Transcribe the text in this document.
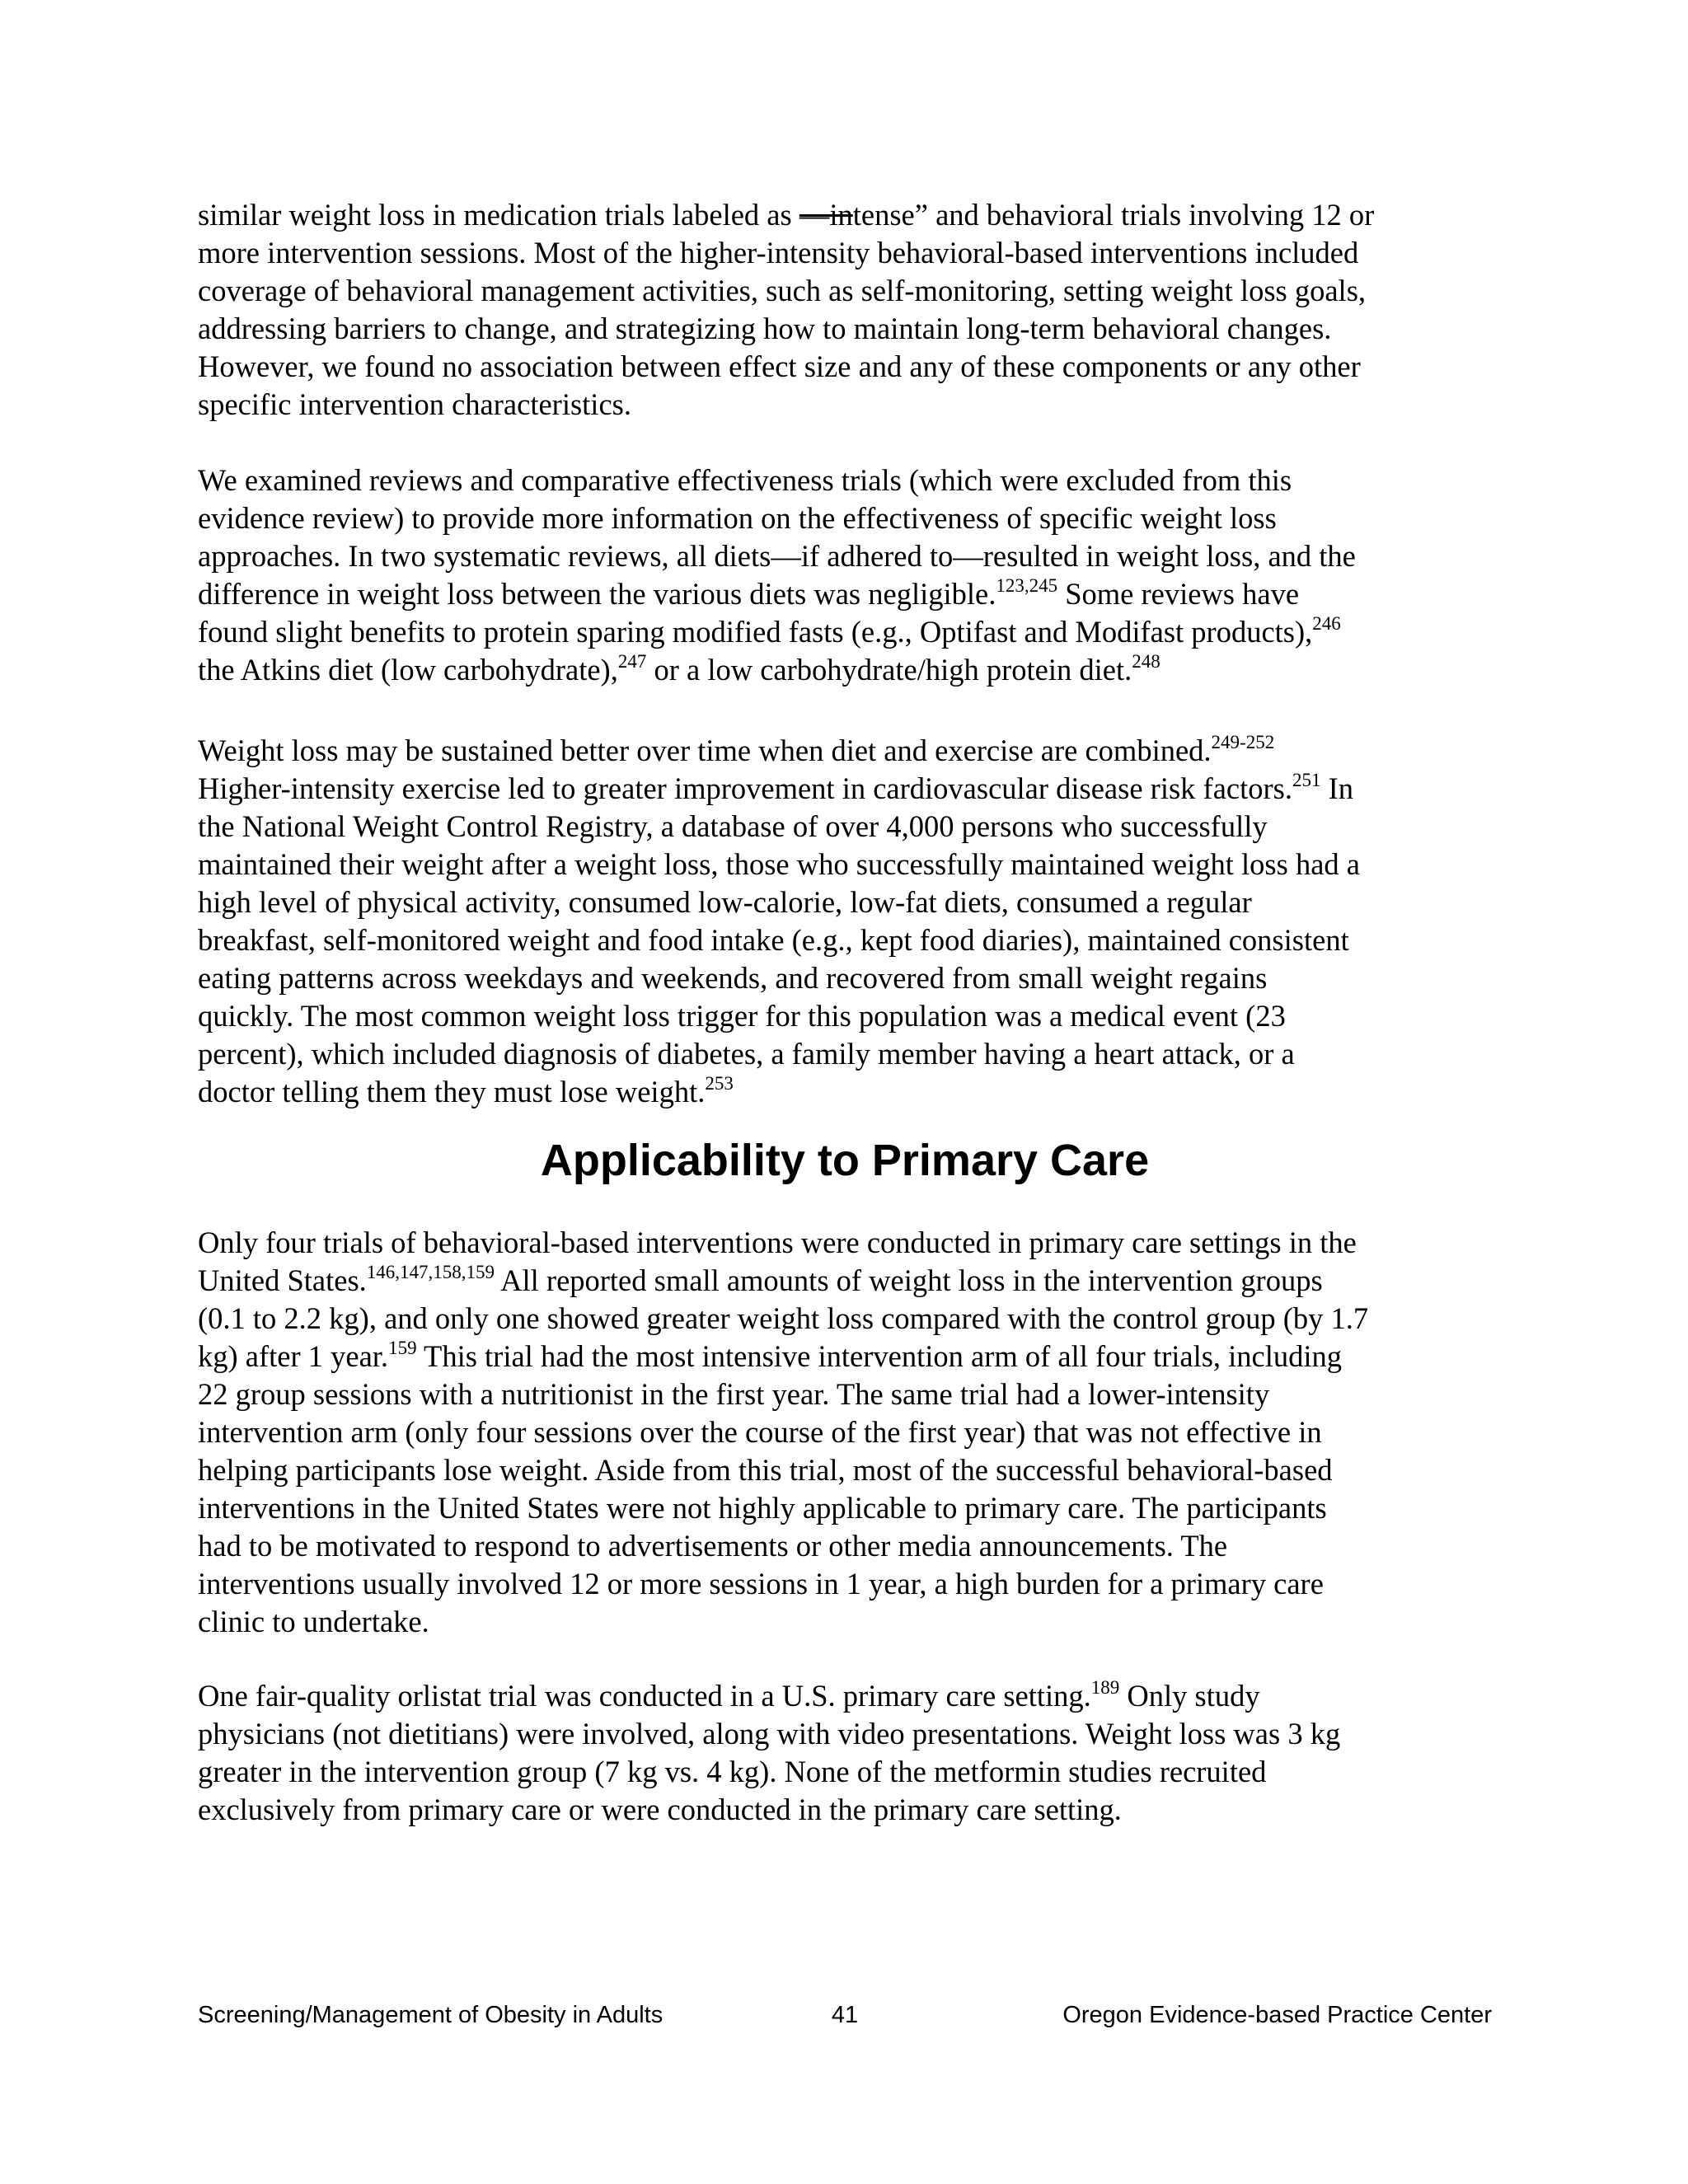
similar weight loss in medication trials labeled as ―intense” and behavioral trials involving 12 or
more intervention sessions. Most of the higher-intensity behavioral-based interventions included
coverage of behavioral management activities, such as self-monitoring, setting weight loss goals,
addressing barriers to change, and strategizing how to maintain long-term behavioral changes.
However, we found no association between effect size and any of these components or any other
specific intervention characteristics.
We examined reviews and comparative effectiveness trials (which were excluded from this
evidence review) to provide more information on the effectiveness of specific weight loss
approaches. In two systematic reviews, all diets—if adhered to—resulted in weight loss, and the
difference in weight loss between the various diets was negligible.$^{123,245}$ Some reviews have
found slight benefits to protein sparing modified fasts (e.g., Optifast and Modifast products),$^{246}$
the Atkins diet (low carbohydrate),$^{247}$ or a low carbohydrate/high protein diet.$^{248}$
Weight loss may be sustained better over time when diet and exercise are combined.$^{249-252}$
Higher-intensity exercise led to greater improvement in cardiovascular disease risk factors.$^{251}$ In
the National Weight Control Registry, a database of over 4,000 persons who successfully
maintained their weight after a weight loss, those who successfully maintained weight loss had a
high level of physical activity, consumed low-calorie, low-fat diets, consumed a regular
breakfast, self-monitored weight and food intake (e.g., kept food diaries), maintained consistent
eating patterns across weekdays and weekends, and recovered from small weight regains
quickly. The most common weight loss trigger for this population was a medical event (23
percent), which included diagnosis of diabetes, a family member having a heart attack, or a
doctor telling them they must lose weight.$^{253}$
Applicability to Primary Care
Only four trials of behavioral-based interventions were conducted in primary care settings in the
United States.$^{146,147,158,159}$ All reported small amounts of weight loss in the intervention groups
(0.1 to 2.2 kg), and only one showed greater weight loss compared with the control group (by 1.7
kg) after 1 year.$^{159}$ This trial had the most intensive intervention arm of all four trials, including
22 group sessions with a nutritionist in the first year. The same trial had a lower-intensity
intervention arm (only four sessions over the course of the first year) that was not effective in
helping participants lose weight. Aside from this trial, most of the successful behavioral-based
interventions in the United States were not highly applicable to primary care. The participants
had to be motivated to respond to advertisements or other media announcements. The
interventions usually involved 12 or more sessions in 1 year, a high burden for a primary care
clinic to undertake.
One fair-quality orlistat trial was conducted in a U.S. primary care setting.$^{189}$ Only study
physicians (not dietitians) were involved, along with video presentations. Weight loss was 3 kg
greater in the intervention group (7 kg vs. 4 kg). None of the metformin studies recruited
exclusively from primary care or were conducted in the primary care setting.
Screening/Management of Obesity in Adults	41	Oregon Evidence-based Practice Center
